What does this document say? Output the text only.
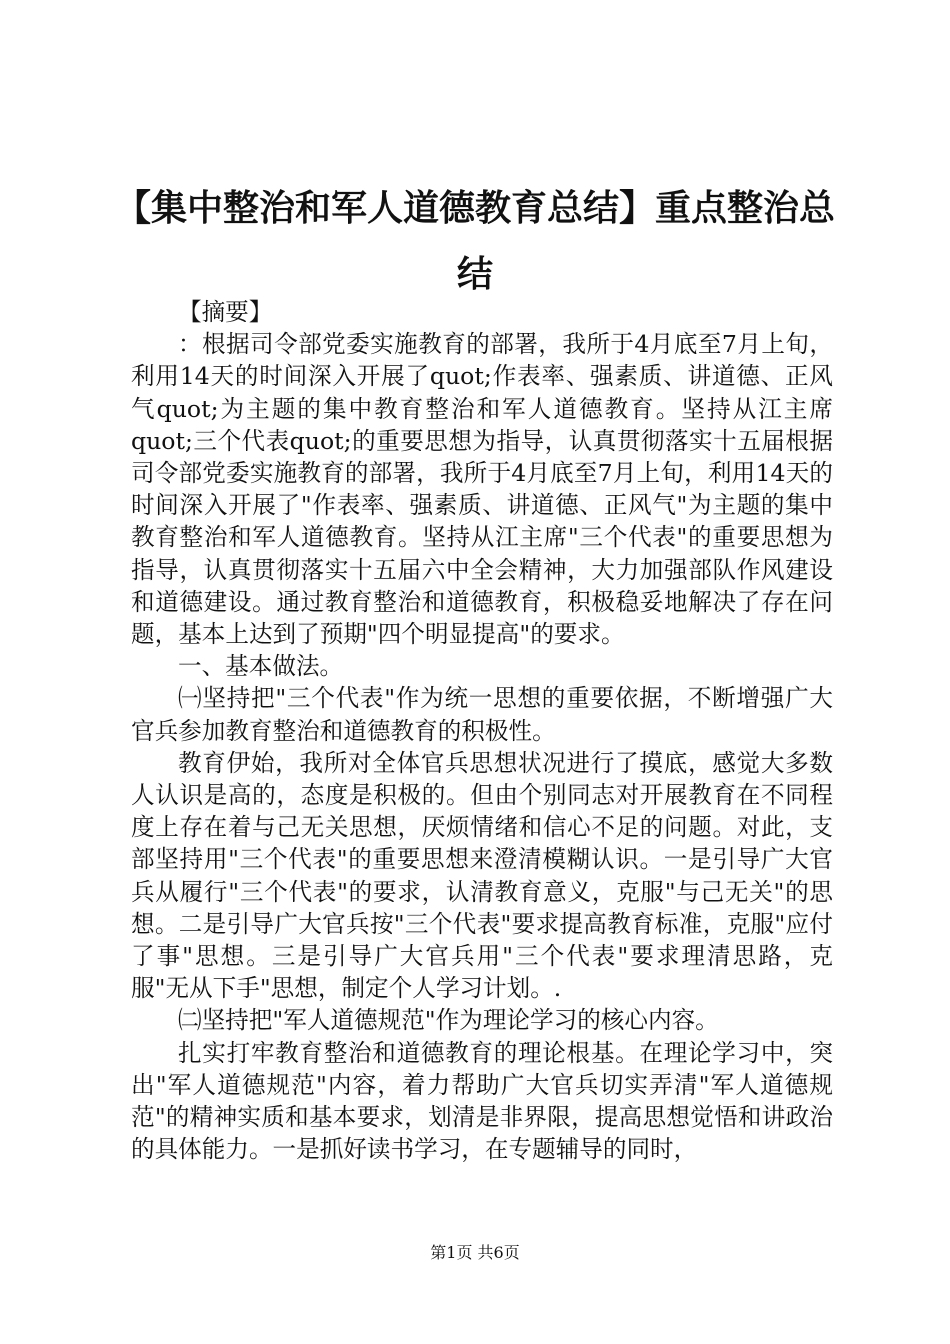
【集中整治和军人道德教育总结】重点整治总结

【摘要】

：根据司令部党委实施教育的部署，我所于4月底至7月上旬，利用14天的时间深入开展了quot;作表率、强素质、讲道德、正风气quot;为主题的集中教育整治和军人道德教育。坚持从江主席quot;三个代表quot;的重要思想为指导，认真贯彻落实十五届根据司令部党委实施教育的部署，我所于4月底至7月上旬，利用14天的时间深入开展了"作表率、强素质、讲道德、正风气"为主题的集中教育整治和军人道德教育。坚持从江主席"三个代表"的重要思想为指导，认真贯彻落实十五届六中全会精神，大力加强部队作风建设和道德建设。通过教育整治和道德教育，积极稳妥地解决了存在问题，基本上达到了预期"四个明显提高"的要求。

一、基本做法。

㈠坚持把"三个代表"作为统一思想的重要依据，不断增强广大官兵参加教育整治和道德教育的积极性。

教育伊始，我所对全体官兵思想状况进行了摸底，感觉大多数人认识是高的，态度是积极的。但由个别同志对开展教育在不同程度上存在着与己无关思想，厌烦情绪和信心不足的问题。对此，支部坚持用"三个代表"的重要思想来澄清模糊认识。一是引导广大官兵从履行"三个代表"的要求，认清教育意义，克服"与己无关"的思想。二是引导广大官兵按"三个代表"要求提高教育标准，克服"应付了事"思想。三是引导广大官兵用"三个代表"要求理清思路，克服"无从下手"思想，制定个人学习计划。.

㈡坚持把"军人道德规范"作为理论学习的核心内容。

扎实打牢教育整治和道德教育的理论根基。在理论学习中，突出"军人道德规范"内容，着力帮助广大官兵切实弄清"军人道德规范"的精神实质和基本要求，划清是非界限，提高思想觉悟和讲政治的具体能力。一是抓好读书学习，在专题辅导的同时，

第1页 共6页
